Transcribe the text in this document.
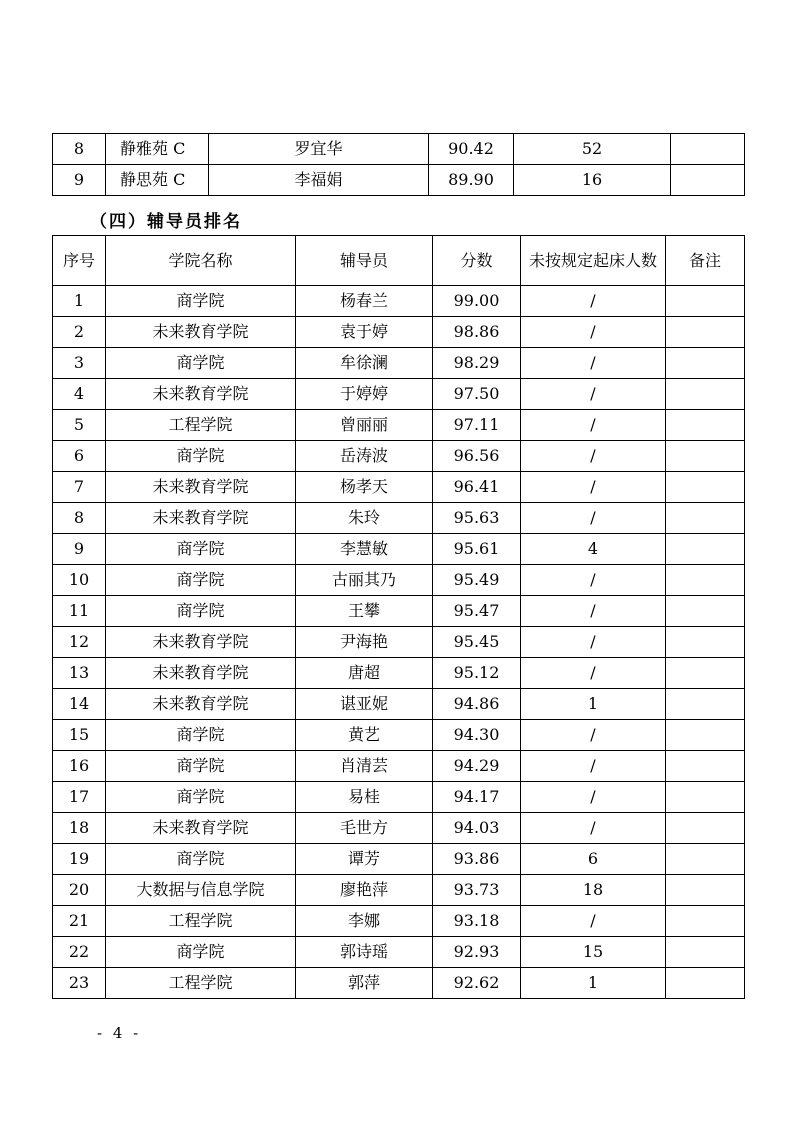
8	静雅苑 C	罗宜华	90.42	52	
9	静思苑 C	李福娟	89.90	16	
（四）辅导员排名
序号	学院名称	辅导员	分数	未按规定起床人数	备注
1	商学院	杨春兰	99.00	/	
2	未来教育学院	袁于婷	98.86	/	
3	商学院	牟徐澜	98.29	/	
4	未来教育学院	于婷婷	97.50	/	
5	工程学院	曾丽丽	97.11	/	
6	商学院	岳涛波	96.56	/	
7	未来教育学院	杨孝天	96.41	/	
8	未来教育学院	朱玲	95.63	/	
9	商学院	李慧敏	95.61	4	
10	商学院	古丽其乃	95.49	/	
11	商学院	王攀	95.47	/	
12	未来教育学院	尹海艳	95.45	/	
13	未来教育学院	唐超	95.12	/	
14	未来教育学院	谌亚妮	94.86	1	
15	商学院	黄艺	94.30	/	
16	商学院	肖清芸	94.29	/	
17	商学院	易桂	94.17	/	
18	未来教育学院	毛世方	94.03	/	
19	商学院	谭芳	93.86	6	
20	大数据与信息学院	廖艳萍	93.73	18	
21	工程学院	李娜	93.18	/	
22	商学院	郭诗瑶	92.93	15	
23	工程学院	郭萍	92.62	1	
- 4 -
